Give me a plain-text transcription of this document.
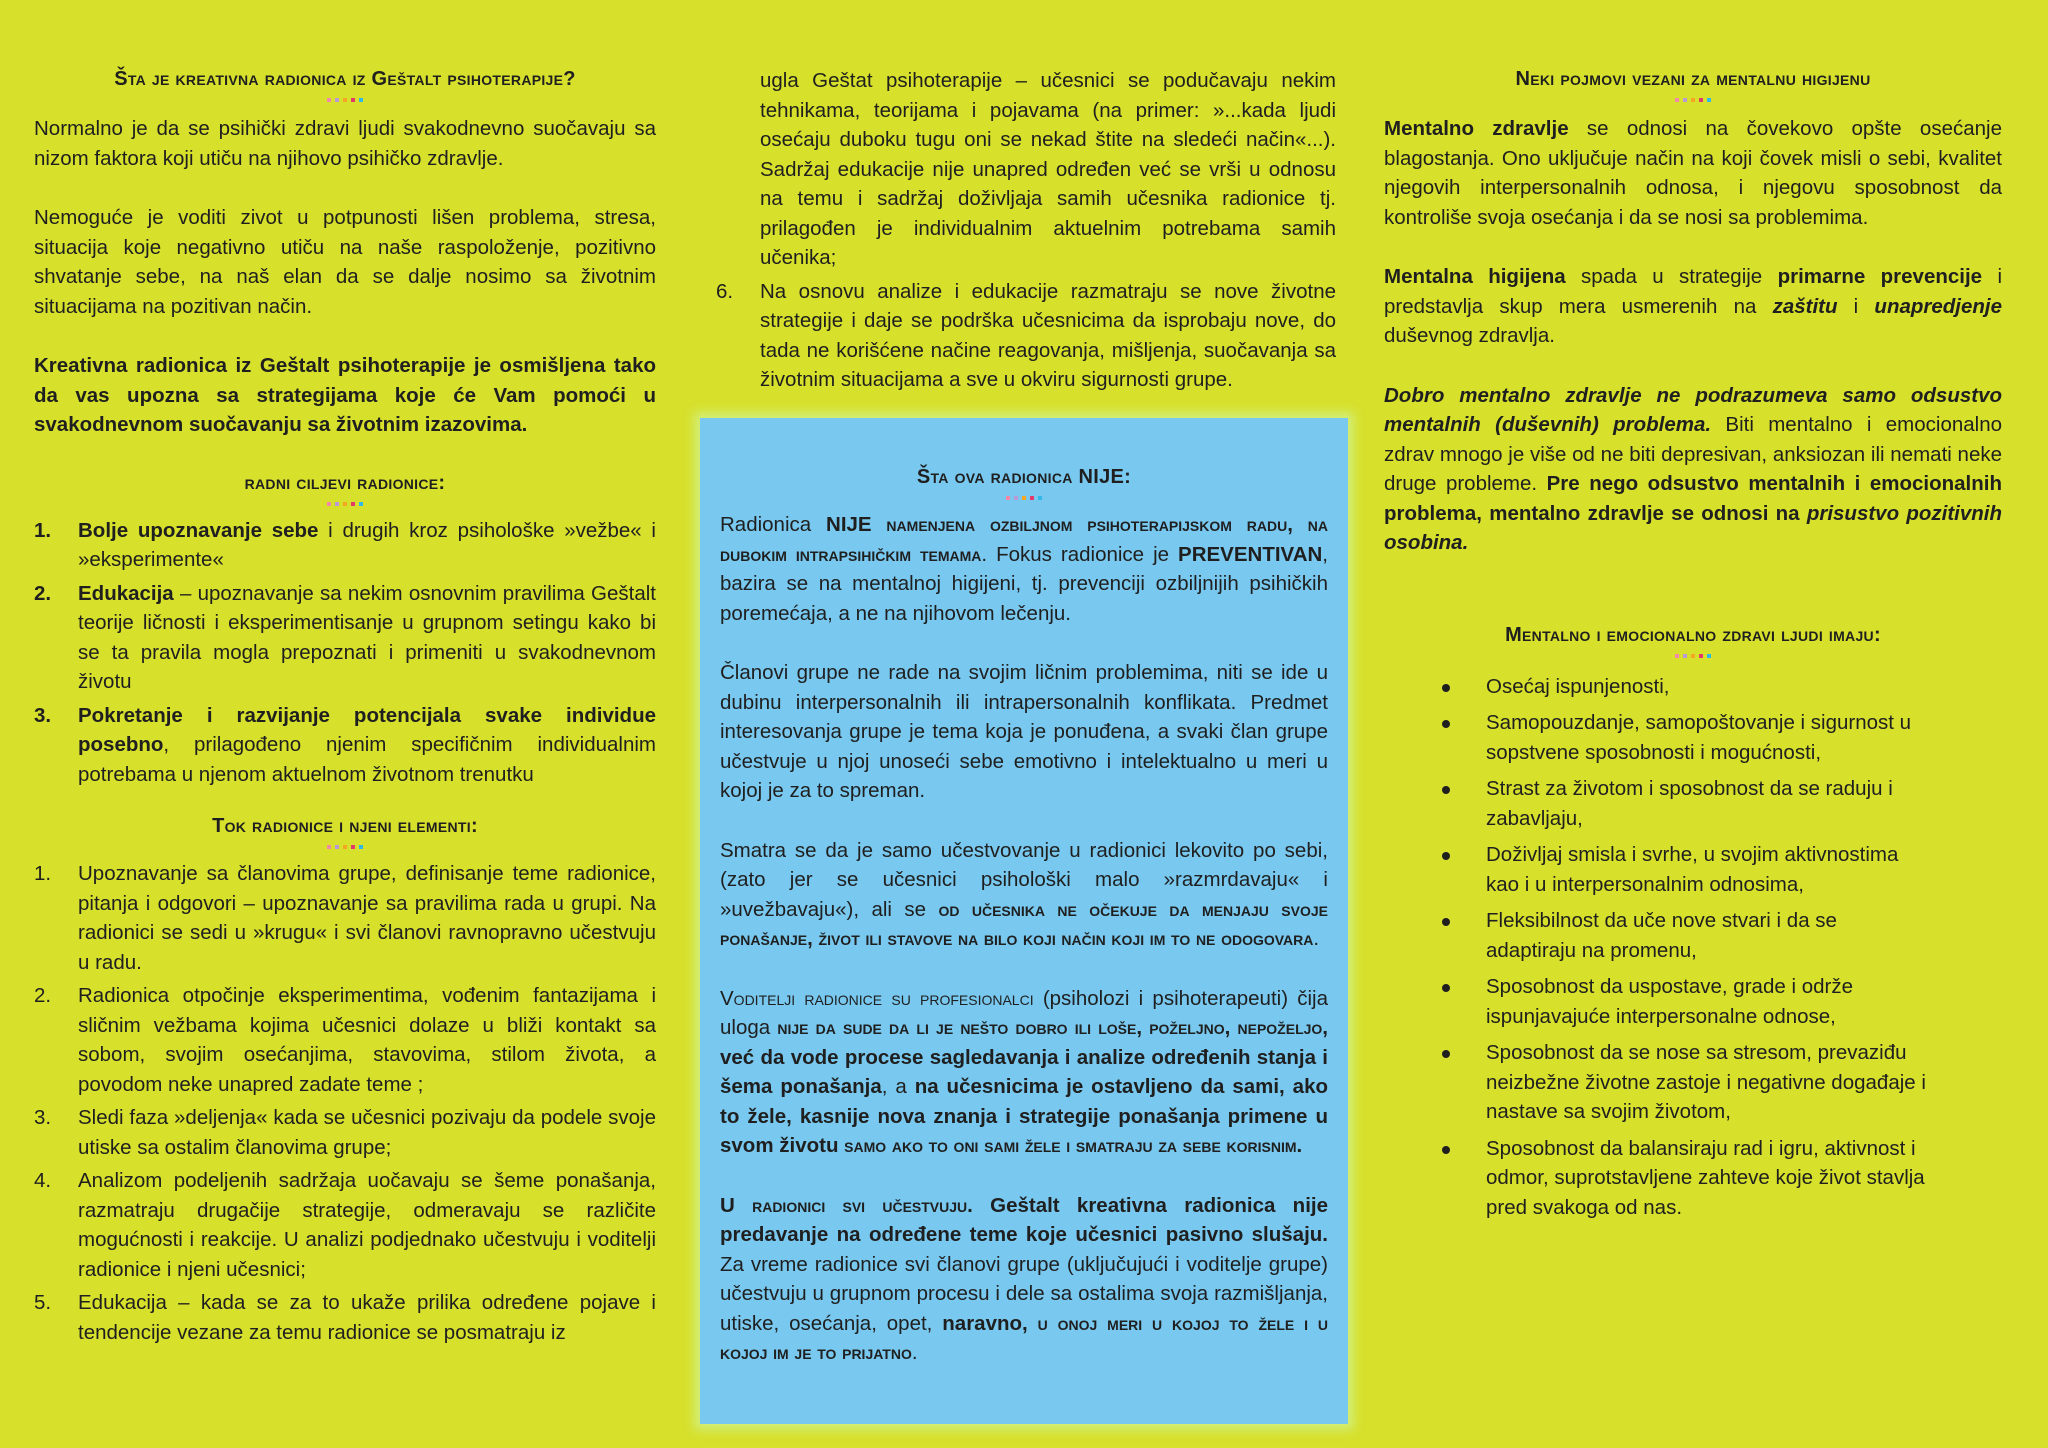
Šta je kreativna radionica iz Geštalt psihoterapije?

Normalno je da se psihički zdravi ljudi svakodnevno suočavaju sa nizom faktora koji utiču na njihovo psihičko zdravlje.

Nemoguće je voditi zivot u potpunosti lišen problema, stresa, situacija koje negativno utiču na naše raspoloženje, pozitivno shvatanje sebe, na naš elan da se dalje nosimo sa životnim situacijama na pozitivan način.

Kreativna radionica iz Geštalt psihoterapije je osmišljena tako da vas upozna sa strategijama koje će Vam pomoći u svakodnevnom suočavanju sa životnim izazovima.

radni ciljevi radionice:
1. Bolje upoznavanje sebe i drugih kroz psihološke »vežbe« i »eksperimente«
2. Edukacija – upoznavanje sa nekim osnovnim pravilima Geštalt teorije ličnosti i eksperimentisanje u grupnom setingu kako bi se ta pravila mogla prepoznati i primeniti u svakodnevnom životu
3. Pokretanje i razvijanje potencijala svake individue posebno, prilagođeno njenim specifičnim individualnim potrebama u njenom aktuelnom životnom trenutku
Tok radionice i njeni elementi:
1. Upoznavanje sa članovima grupe, definisanje teme radionice, pitanja i odgovori – upoznavanje sa pravilima rada u grupi. Na radionici se sedi u »krugu« i svi članovi ravnopravno učestvuju u radu.
2. Radionica otpočinje eksperimentima, vođenim fantazijama i sličnim vežbama kojima učesnici dolaze u bliži kontakt sa sobom, svojim osećanjima, stavovima, stilom života, a povodom neke unapred zadate teme ;
3. Sledi faza »deljenja« kada se učesnici pozivaju da podele svoje utiske sa ostalim članovima grupe;
4. Analizom podeljenih sadržaja uočavaju se šeme ponašanja, razmatraju drugačije strategije, odmeravaju se različite mogućnosti i reakcije. U analizi podjednako učestvuju i voditelji radionice i njeni učesnici;
5. Edukacija – kada se za to ukaže prilika određene pojave i tendencije vezane za temu radionice se posmatraju iz
ugla Geštat psihoterapije – učesnici se podučavaju nekim tehnikama, teorijama i pojavama (na primer: »...kada ljudi osećaju duboku tugu oni se nekad štite na sledeći način«...). Sadržaj edukacije nije unapred određen već se vrši u odnosu na temu i sadržaj doživljaja samih učesnika radionice tj. prilagođen je individualnim aktuelnim potrebama samih učenika;
6. Na osnovu analize i edukacije razmatraju se nove životne strategije i daje se podrška učesnicima da isprobaju nove, do tada ne korišćene načine reagovanja, mišljenja, suočavanja sa životnim situacijama a sve u okviru sigurnosti grupe.
Šta ova radionica NIJE:

Radionica NIJE namenjena ozbiljnom psihoterapijskom radu, na dubokim intrapsihičkim temama. Fokus radionice je PREVENTIVAN, bazira se na mentalnoj higijeni, tj. prevenciji ozbiljnijih psihičkih poremećaja, a ne na njihovom lečenju.

Članovi grupe ne rade na svojim ličnim problemima, niti se ide u dubinu interpersonalnih ili intrapersonalnih konflikata. Predmet interesovanja grupe je tema koja je ponuđena, a svaki član grupe učestvuje u njoj unoseći sebe emotivno i intelektualno u meri u kojoj je za to spreman.

Smatra se da je samo učestvovanje u radionici lekovito po sebi, (zato jer se učesnici psihološki malo »razmrdavaju« i »uvežbavaju«), ali se od učesnika ne očekuje da menjaju svoje ponašanje, život ili stavove na bilo koji način koji im to ne odogovara.

Voditelji radionice su profesionalci (psiholozi i psihoterapeuti) čija uloga nije da sude da li je nešto dobro ili loše, poželjno, nepoželjo, već da vode procese sagledavanja i analize određenih stanja i šema ponašanja, a na učesnicima je ostavljeno da sami, ako to žele, kasnije nova znanja i strategije ponašanja primene u svom životu samo ako to oni sami žele i smatraju za sebe korisnim.

U radionici svi učestvuju. Geštalt kreativna radionica nije predavanje na određene teme koje učesnici pasivno slušaju. Za vreme radionice svi članovi grupe (uključujući i voditelje grupe) učestvuju u grupnom procesu i dele sa ostalima svoja razmišljanja, utiske, osećanja, opet, naravno, u onoj meri u kojoj to žele i u kojoj im je to prijatno.

Neki pojmovi vezani za mentalnu higijenu

Mentalno zdravlje se odnosi na čovekovo opšte osećanje blagostanja. Ono uključuje način na koji čovek misli o sebi, kvalitet njegovih interpersonalnih odnosa, i njegovu sposobnost da kontroliše svoja osećanja i da se nosi sa problemima.

Mentalna higijena spada u strategije primarne prevencije i predstavlja skup mera usmerenih na zaštitu i unapredjenje duševnog zdravlja.

Dobro mentalno zdravlje ne podrazumeva samo odsustvo mentalnih (duševnih) problema. Biti mentalno i emocionalno zdrav mnogo je više od ne biti depresivan, anksiozan ili nemati neke druge probleme. Pre nego odsustvo mentalnih i emocionalnih problema, mentalno zdravlje se odnosi na prisustvo pozitivnih osobina.

Mentalno i emocionalno zdravi ljudi imaju:
Osećaj ispunjenosti,
Samopouzdanje, samopoštovanje i sigurnost u sopstvene sposobnosti i mogućnosti,
Strast za životom i sposobnost da se raduju i zabavljaju,
Doživljaj smisla i svrhe, u svojim aktivnostima kao i u interpersonalnim odnosima,
Fleksibilnost da uče nove stvari i da se adaptiraju na promenu,
Sposobnost da uspostave, grade i održe ispunjavajuće interpersonalne odnose,
Sposobnost da se nose sa stresom, prevaziđu neizbežne životne zastoje i negativne događaje i nastave sa svojim životom,
Sposobnost da balansiraju rad i igru, aktivnost i odmor, suprotstavljene zahteve koje život stavlja pred svakoga od nas.
